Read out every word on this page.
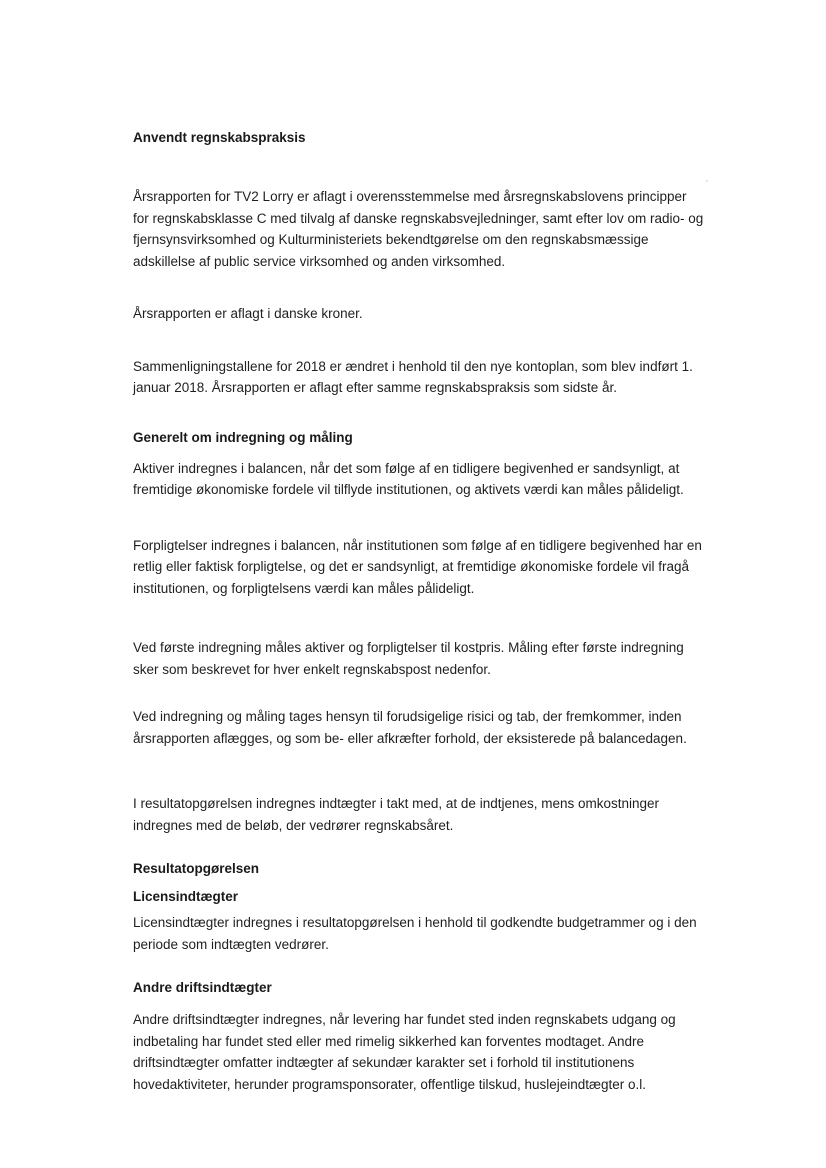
Anvendt regnskabspraksis

Årsrapporten for TV2 Lorry er aflagt i overensstemmelse med årsregnskabslovens principper for regnskabsklasse C med tilvalg af danske regnskabsvejledninger, samt efter lov om radio- og fjernsynsvirksomhed og Kulturministeriets bekendtgørelse om den regnskabsmæssige adskillelse af public service virksomhed og anden virksomhed.

Årsrapporten er aflagt i danske kroner.

Sammenligningstallene for 2018 er ændret i henhold til den nye kontoplan, som blev indført 1. januar 2018. Årsrapporten er aflagt efter samme regnskabspraksis som sidste år.

Generelt om indregning og måling

Aktiver indregnes i balancen, når det som følge af en tidligere begivenhed er sandsynligt, at fremtidige økonomiske fordele vil tilflyde institutionen, og aktivets værdi kan måles pålideligt.

Forpligtelser indregnes i balancen, når institutionen som følge af en tidligere begivenhed har en retlig eller faktisk forpligtelse, og det er sandsynligt, at fremtidige økonomiske fordele vil fragå institutionen, og forpligtelsens værdi kan måles pålideligt.

Ved første indregning måles aktiver og forpligtelser til kostpris. Måling efter første indregning sker som beskrevet for hver enkelt regnskabspost nedenfor.

Ved indregning og måling tages hensyn til forudsigelige risici og tab, der fremkommer, inden årsrapporten aflægges, og som be- eller afkræfter forhold, der eksisterede på balancedagen.

I resultatopgørelsen indregnes indtægter i takt med, at de indtjenes, mens omkostninger indregnes med de beløb, der vedrører regnskabsåret.

Resultatopgørelsen
Licensindtægter

Licensindtægter indregnes i resultatopgørelsen i henhold til godkendte budgetrammer og i den periode som indtægten vedrører.

Andre driftsindtægter

Andre driftsindtægter indregnes, når levering har fundet sted inden regnskabets udgang og indbetaling har fundet sted eller med rimelig sikkerhed kan forventes modtaget. Andre driftsindtægter omfatter indtægter af sekundær karakter set i forhold til institutionens hovedaktiviteter, herunder programsponsorater, offentlige tilskud, huslejeindtægter o.l.

·
